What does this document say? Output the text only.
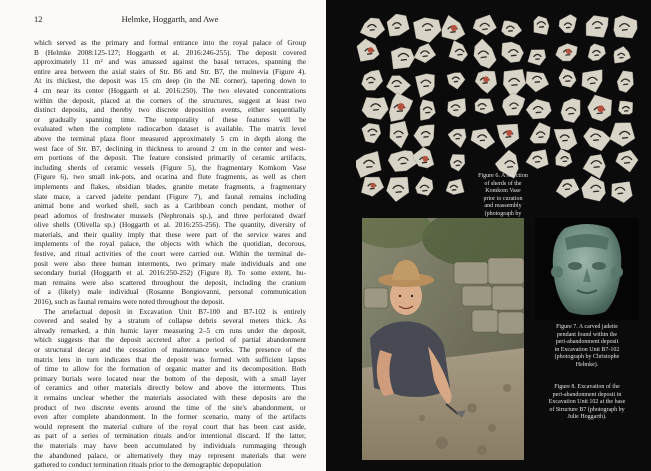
12	Helmke, Hoggarth, and Awe
which served as the primary and formal entrance into the royal palace of Group
B (Helmke 2008:125-127; Hoggarth et al. 2016:246-255). The deposit covered
approximately 11 m² and was amassed against the basal terraces, spanning the
entire area between the axial stairs of Str. B6 and Str. B7, the mulnevia (Figure 4).
At its thickest, the deposit was 15 cm deep (in the NE corner), tapering down to
4 cm near its center (Hoggarth et al. 2016:250). The two elevated concentrations
within the deposit, placed at the corners of the structures, suggest at least two
distinct deposits, and thereby two discrete deposition events, either sequentially
or gradually spanning time. The temporality of these features will be
evaluated when the complete radiocarbon dataset is available. The matrix level
above the terminal plaza floor measured approximately 5 cm in depth along the
west face of Str. B7, declining in thickness to around 2 cm in the center and west-
ern portions of the deposit. The feature consisted primarily of ceramic artifacts,
including sherds of ceramic vessels (Figure 5), the fragmentary Komkom Vase
(Figure 6), two small ink-pots, and ocarina and flute fragments, as well as chert
implements and flakes, obsidian blades, granite metate fragments, a fragmentary
slate mace, a carved jadeite pendant (Figure 7), and faunal remains including
animal bone and worked shell, such as a Caribbean conch pendant, mother of
pearl adornos of freshwater mussels (Nephronais sp.), and three perforated dwarf
olive shells (Olivella sp.) (Hoggarth et al. 2016:255-256). The quantity, diversity of
materials, and their quality imply that these were part of the service wares and
implements of the royal palace, the objects with which the quotidian, decorous,
festive, and ritual activities of the court were carried out. Within the terminal de-
posit were also three human interments, two primary male individuals and one
secondary burial (Hoggarth et al. 2016:250-252) (Figure 8). To some extent, hu-
man remains were also scattered throughout the deposit, including the cranium
of a (likely) male individual (Rosanne Bongiovanni, personal communication
2016), such as faunal remains were noted throughout the deposit.
The artefactual deposit in Excavation Unit B7-100 and B7-102 is entirely
covered and sealed by a stratum of collapse debris several meters thick. As
already remarked, a thin humic layer measuring 2–5 cm runs under the deposit,
which suggests that the deposit accreted after a period of partial abandonment
or structural decay and the cessation of maintenance works. The presence of the
matrix lens in turn indicates that the deposit was formed with sufficient lapses
of time to allow for the formation of organic matter and its decomposition. Both
primary burials were located near the bottom of the deposit, with a small layer
of ceramics and other materials directly below and above the interments. Thus
it remains unclear whether the materials associated with these deposits are the
product of two discrete events around the time of the site's abandonment, or
even after complete abandonment. In the former scenario, many of the artifacts
would represent the material culture of the royal court that has been cast aside,
as part of a series of termination rituals and/or intentional discard. If the latter,
the materials may have been accumulated by individuals rummaging through
the abandoned palace, or alternatively they may represent materials that were
gathered to conduct termination rituals prior to the demographic depopulation
Figure 6. A selection
of sherds of the
Komkom Vase
prior to curation
and reassembly
(photograph by
Figure 7. A carved jadeite
pendant found within the
peri-abandonment deposit
in Excavation Unit B7-102
(photograph by Christophe
Helmke).
Figure 8. Excavation of the
peri-abandonment deposit in
Excavation Unit 102 at the base
of Structure B7 (photograph by
Julie Hoggarth).
